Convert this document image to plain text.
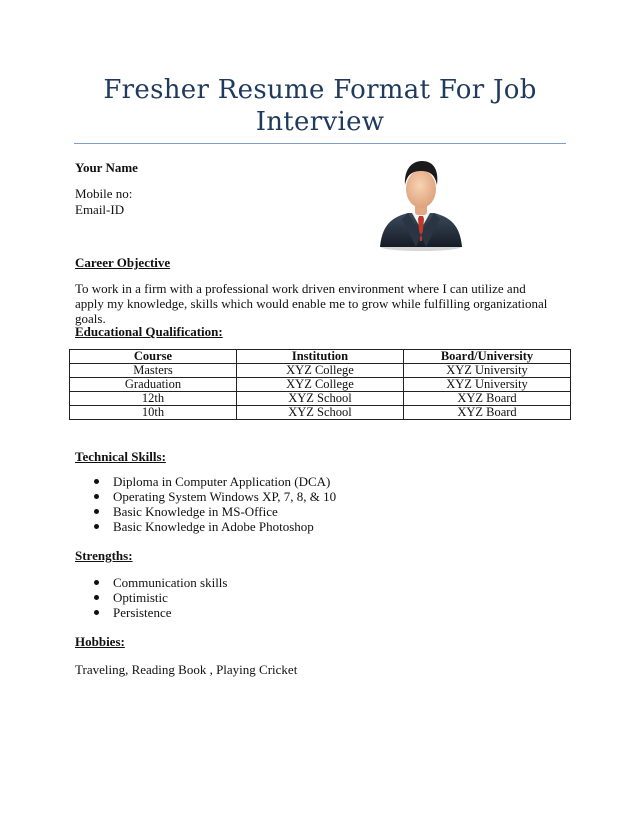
Fresher Resume Format For Job Interview
Your Name
Mobile no:
Email-ID
Career Objective
To work in a firm with a professional work driven environment where I can utilize and apply my knowledge, skills which would enable me to grow while fulfilling organizational goals.
Educational Qualification:
Course	Institution	Board/University
Masters	XYZ College	XYZ University
Graduation	XYZ College	XYZ University
12th	XYZ School	XYZ Board
10th	XYZ School	XYZ Board
Technical Skills:
Diploma in Computer Application (DCA)
Operating System Windows XP, 7, 8, & 10
Basic Knowledge in MS-Office
Basic Knowledge in Adobe Photoshop
Strengths:
Communication skills
Optimistic
Persistence
Hobbies:
Traveling, Reading Book , Playing Cricket
